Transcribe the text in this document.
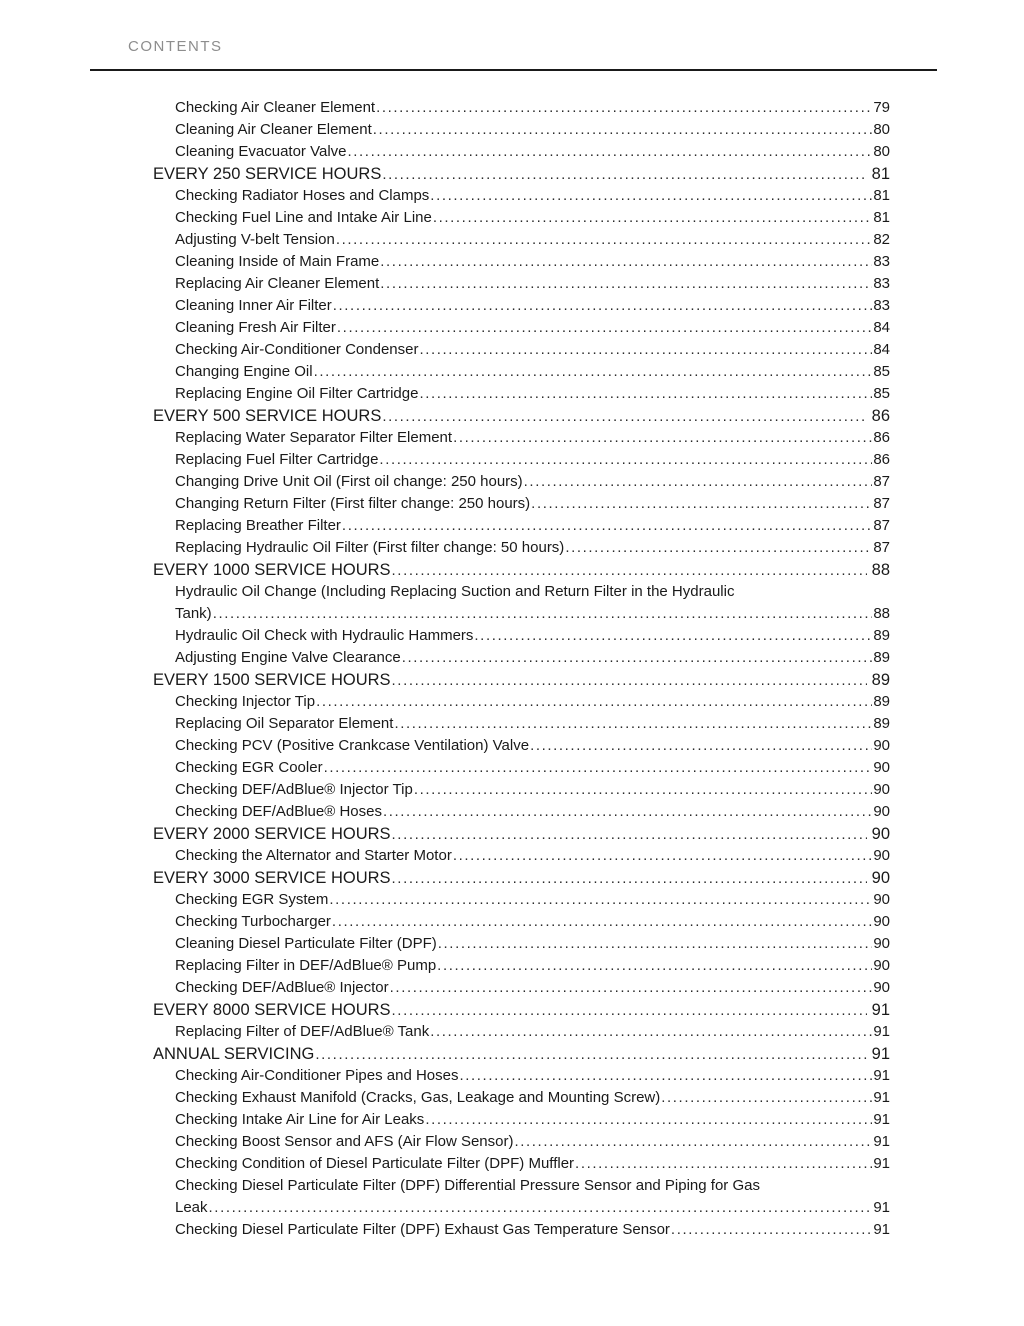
CONTENTS
Checking Air Cleaner Element .....	79
Cleaning Air Cleaner Element .....	80
Cleaning Evacuator Valve .....	80
EVERY 250 SERVICE HOURS .....	81
Checking Radiator Hoses and Clamps .....	81
Checking Fuel Line and Intake Air Line .....	81
Adjusting V-belt Tension .....	82
Cleaning Inside of Main Frame .....	83
Replacing Air Cleaner Element .....	83
Cleaning Inner Air Filter .....	83
Cleaning Fresh Air Filter .....	84
Checking Air-Conditioner Condenser .....	84
Changing Engine Oil .....	85
Replacing Engine Oil Filter Cartridge .....	85
EVERY 500 SERVICE HOURS .....	86
Replacing Water Separator Filter Element .....	86
Replacing Fuel Filter Cartridge .....	86
Changing Drive Unit Oil (First oil change: 250 hours) .....	87
Changing Return Filter (First filter change: 250 hours) .....	87
Replacing Breather Filter .....	87
Replacing Hydraulic Oil Filter (First filter change: 50 hours) .....	87
EVERY 1000 SERVICE HOURS .....	88
Hydraulic Oil Change (Including Replacing Suction and Return Filter in the Hydraulic
Tank) .....	88
Hydraulic Oil Check with Hydraulic Hammers .....	89
Adjusting Engine Valve Clearance .....	89
EVERY 1500 SERVICE HOURS .....	89
Checking Injector Tip .....	89
Replacing Oil Separator Element .....	89
Checking PCV (Positive Crankcase Ventilation) Valve .....	90
Checking EGR Cooler .....	90
Checking DEF/AdBlue® Injector Tip .....	90
Checking DEF/AdBlue® Hoses .....	90
EVERY 2000 SERVICE HOURS .....	90
Checking the Alternator and Starter Motor .....	90
EVERY 3000 SERVICE HOURS .....	90
Checking EGR System .....	90
Checking Turbocharger .....	90
Cleaning Diesel Particulate Filter (DPF) .....	90
Replacing Filter in DEF/AdBlue® Pump .....	90
Checking DEF/AdBlue® Injector .....	90
EVERY 8000 SERVICE HOURS .....	91
Replacing Filter of DEF/AdBlue® Tank .....	91
ANNUAL SERVICING .....	91
Checking Air-Conditioner Pipes and Hoses .....	91
Checking Exhaust Manifold (Cracks, Gas, Leakage and Mounting Screw) .....	91
Checking Intake Air Line for Air Leaks .....	91
Checking Boost Sensor and AFS (Air Flow Sensor) .....	91
Checking Condition of Diesel Particulate Filter (DPF) Muffler .....	91
Checking Diesel Particulate Filter (DPF) Differential Pressure Sensor and Piping for Gas
Leak .....	91
Checking Diesel Particulate Filter (DPF) Exhaust Gas Temperature Sensor .....	91
